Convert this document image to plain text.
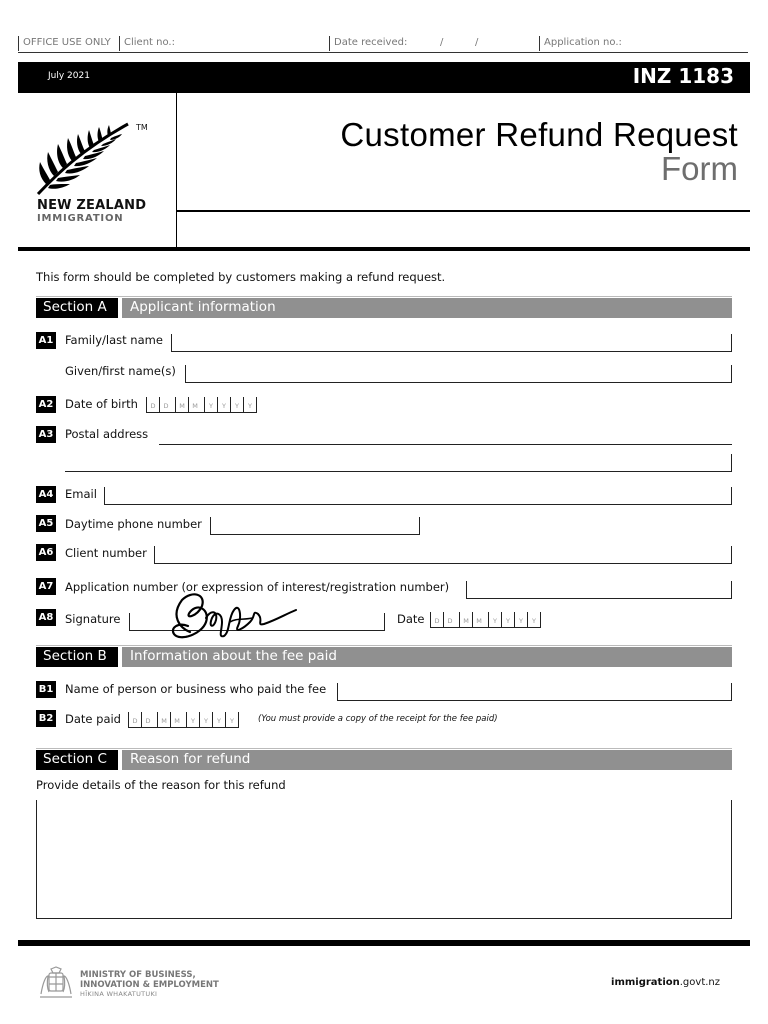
OFFICE USE ONLY Client no.:	Date received:	/	/	Application no.:
July 2021	INZ 1183
TM
NEW ZEALAND
IMMIGRATION
Customer Refund Request
Form
This form should be completed by customers making a refund request.
Section A	Applicant information
A1 Family/last name
Given/first name(s)
A2 Date of birth	D	D	M	M	Y	Y	Y	Y
A3 Postal address
A4 Email
A5 Daytime phone number
A6 Client number
A7 Application number (or expression of interest/registration number)
A8 Signature	Date	D	D	M	M	Y	Y	Y	Y
Section B	Information about the fee paid
B1 Name of person or business who paid the fee
B2 Date paid	D	D	M	M	Y	Y	Y	Y	(You must provide a copy of the receipt for the fee paid)
Section C	Reason for refund
Provide details of the reason for this refund
MINISTRY OF BUSINESS,
INNOVATION & EMPLOYMENT
HĪKINA WHAKATUTUKI
immigration.govt.nz
